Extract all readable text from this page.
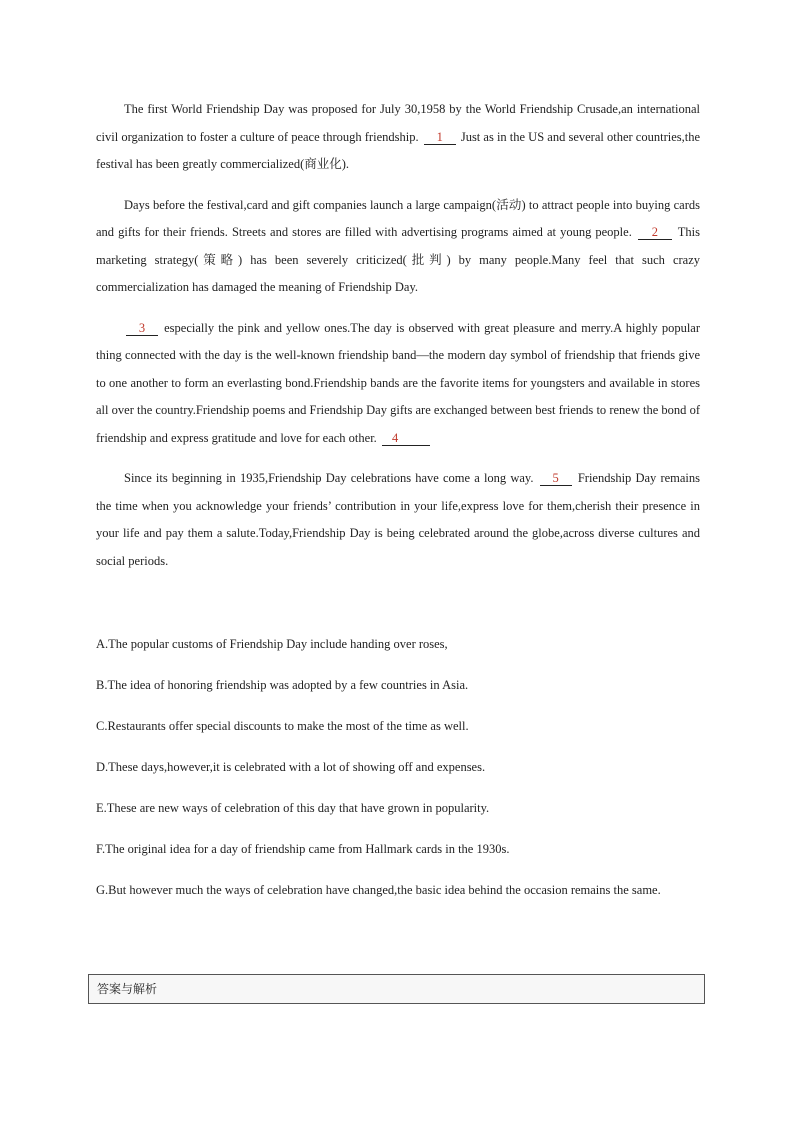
The first World Friendship Day was proposed for July 30,1958 by the World Friendship Crusade,an international civil organization to foster a culture of peace through friendship. 1 Just as in the US and several other countries,the festival has been greatly commercialized(商业化).

Days before the festival,card and gift companies launch a large campaign(活动) to attract people into buying cards and gifts for their friends. Streets and stores are filled with advertising programs aimed at young people. 2 This marketing strategy(策略) has been severely criticized(批判) by many people.Many feel that such crazy commercialization has damaged the meaning of Friendship Day.

3 especially the pink and yellow ones.The day is observed with great pleasure and merry.A highly popular thing connected with the day is the well-known friendship band—the modern day symbol of friendship that friends give to one another to form an everlasting bond.Friendship bands are the favorite items for youngsters and available in stores all over the country.Friendship poems and Friendship Day gifts are exchanged between best friends to renew the bond of friendship and express gratitude and love for each other. 4

Since its beginning in 1935,Friendship Day celebrations have come a long way. 5 Friendship Day remains the time when you acknowledge your friends’ contribution in your life,express love for them,cherish their presence in your life and pay them a salute.Today,Friendship Day is being celebrated around the globe,across diverse cultures and social periods.

A.The popular customs of Friendship Day include handing over roses,

B.The idea of honoring friendship was adopted by a few countries in Asia.

C.Restaurants offer special discounts to make the most of the time as well.

D.These days,however,it is celebrated with a lot of showing off and expenses.

E.These are new ways of celebration of this day that have grown in popularity.

F.The original idea for a day of friendship came from Hallmark cards in the 1930s.

G.But however much the ways of celebration have changed,the basic idea behind the occasion remains the same.

答案与解析
